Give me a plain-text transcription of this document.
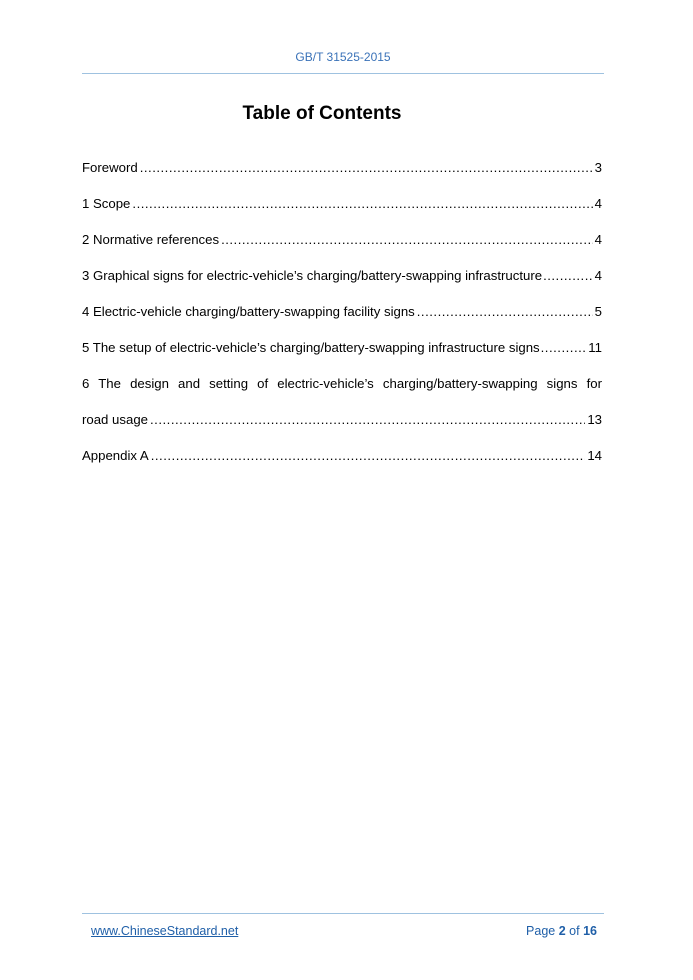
GB/T 31525-2015
Table of Contents
Foreword .....	3
1 Scope .....	4
2 Normative references .....	4
3 Graphical signs for electric-vehicle’s charging/battery-swapping infrastructure .....	4
4 Electric-vehicle charging/battery-swapping facility signs .....	5
5 The setup of electric-vehicle’s charging/battery-swapping infrastructure signs .....	11
6 The design and setting of electric-vehicle’s charging/battery-swapping signs for
road usage .....	13
Appendix A .....	14
www.ChineseStandard.net	Page 2 of 16
